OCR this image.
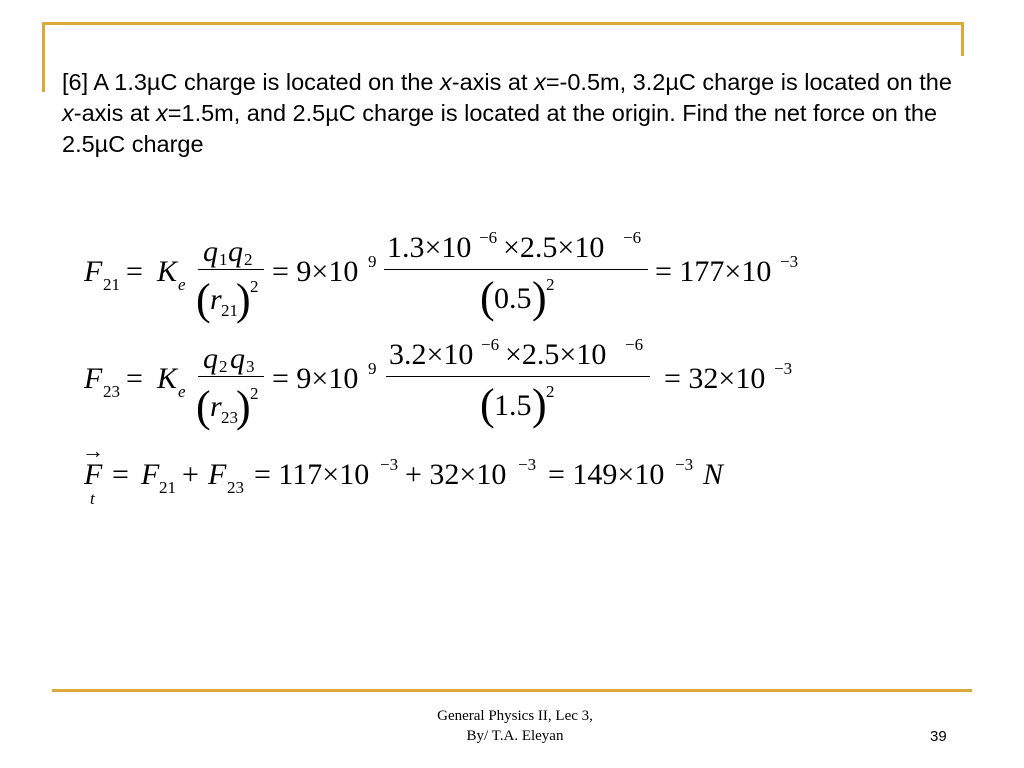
[6] A 1.3µC charge is located on the x-axis at x=-0.5m, 3.2µC charge is located on the x-axis at x=1.5m, and 2.5µC charge is located at the origin. Find the net force on the 2.5µC charge
F 21 = K e
q 1 q 2
( r 21
) 2 = 9×10 9 1.3×10 −6 ×2.5×10 −6
( 0.5 ) 2	= 177×10 −3
F 23 = K e
q 2 q 3
( r 23
) 2 = 9×10 9 3.2×10 −6 ×2.5×10 −6
( 1.5 ) 2	= 32×10 −3
→
F
t
= F 21 + F 23 = 117×10 −3 + 32×10 −3 = 149×10 −3 N
General Physics II, Lec 3,
By/ T.A. Eleyan	39
